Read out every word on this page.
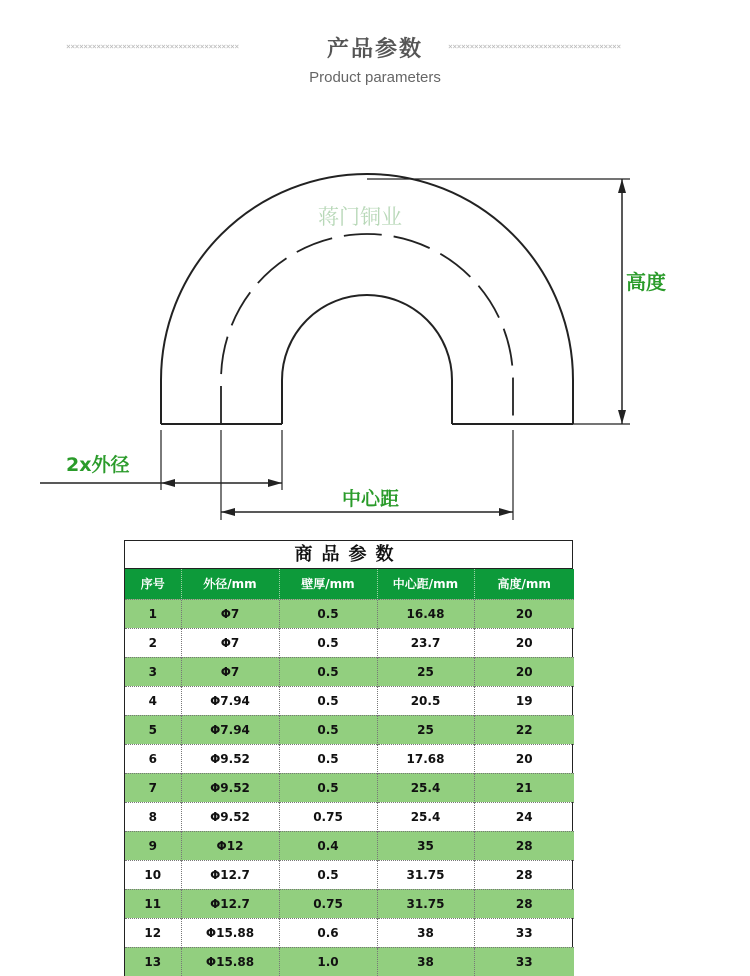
××××××××××××××××××××××××××××××××××××××××	产品参数	××××××××××××××××××××××××××××××××××××××××
Product parameters
蒋门铜业
高度
2x外径
中心距
商品参数
序号	外径/mm	壁厚/mm	中心距/mm	高度/mm
1	Φ7	0.5	16.48	20
2	Φ7	0.5	23.7	20
3	Φ7	0.5	25	20
4	Φ7.94	0.5	20.5	19
5	Φ7.94	0.5	25	22
6	Φ9.52	0.5	17.68	20
7	Φ9.52	0.5	25.4	21
8	Φ9.52	0.75	25.4	24
9	Φ12	0.4	35	28
10	Φ12.7	0.5	31.75	28
11	Φ12.7	0.75	31.75	28
12	Φ15.88	0.6	38	33
13	Φ15.88	1.0	38	33
